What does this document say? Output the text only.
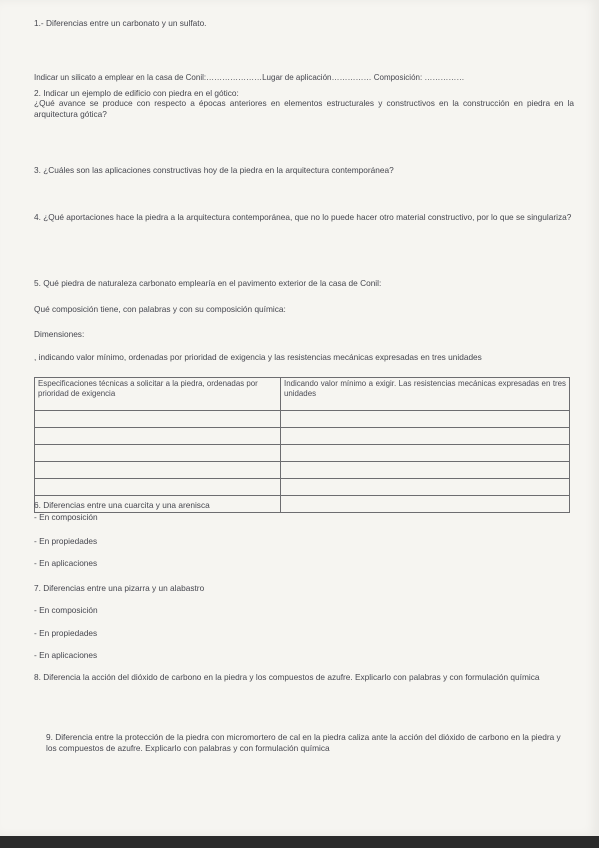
1.- Diferencias entre un carbonato y un sulfato.

Indicar un silicato a emplear en la casa de Conil:…………………Lugar de aplicación…………… Composición: ……………

2. Indicar un ejemplo de edificio con piedra en el gótico:

¿Qué avance se produce con respecto a épocas anteriores en elementos estructurales y constructivos en la construcción en piedra en la arquitectura gótica?

3. ¿Cuáles son las aplicaciones constructivas hoy de la piedra en la arquitectura contemporánea?

4. ¿Qué aportaciones hace la piedra a la arquitectura contemporánea, que no lo puede hacer otro material constructivo, por lo que se singulariza?

5. Qué piedra de naturaleza carbonato emplearía en el pavimento exterior de la casa de Conil:

Qué composición tiene, con palabras y con su composición química:

Dimensiones:

, indicando valor mínimo, ordenadas por prioridad de exigencia y las resistencias mecánicas expresadas en tres unidades

Especificaciones técnicas a solicitar a la piedra, ordenadas por prioridad de exigencia	Indicando valor mínimo a exigir. Las resistencias mecánicas expresadas en tres unidades

6. Diferencias entre una cuarcita y una arenisca

- En composición

- En propiedades

- En aplicaciones

7. Diferencias entre una pizarra y un alabastro

- En composición

- En propiedades

- En aplicaciones

8. Diferencia la acción del dióxido de carbono en la piedra y los compuestos de azufre. Explicarlo con palabras y con formulación química

9. Diferencia entre la protección de la piedra con micromortero de cal en la piedra caliza ante la acción del dióxido de carbono en la piedra y los compuestos de azufre. Explicarlo con palabras y con formulación química
